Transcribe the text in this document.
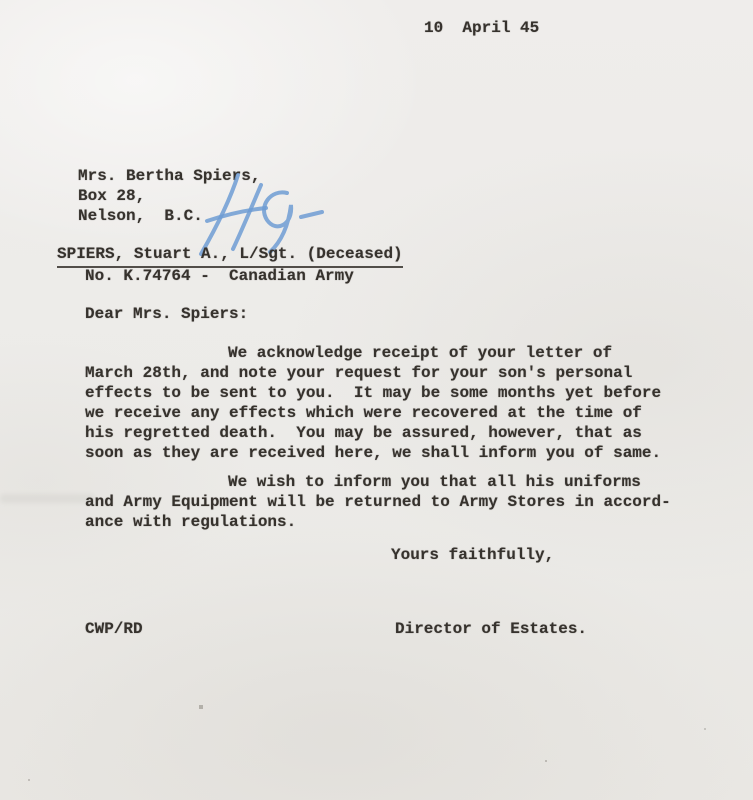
10  April 45
Mrs. Bertha Spiers,
Box 28,
Nelson,  B.C.
SPIERS, Stuart A., L/Sgt. (Deceased)
No. K.74764 -  Canadian Army
Dear Mrs. Spiers:
We acknowledge receipt of your letter of
March 28th, and note your request for your son's personal
effects to be sent to you.  It may be some months yet before
we receive any effects which were recovered at the time of
his regretted death.  You may be assured, however, that as
soon as they are received here, we shall inform you of same.
We wish to inform you that all his uniforms
and Army Equipment will be returned to Army Stores in accord-
ance with regulations.
Yours faithfully,
CWP/RD	Director of Estates.
